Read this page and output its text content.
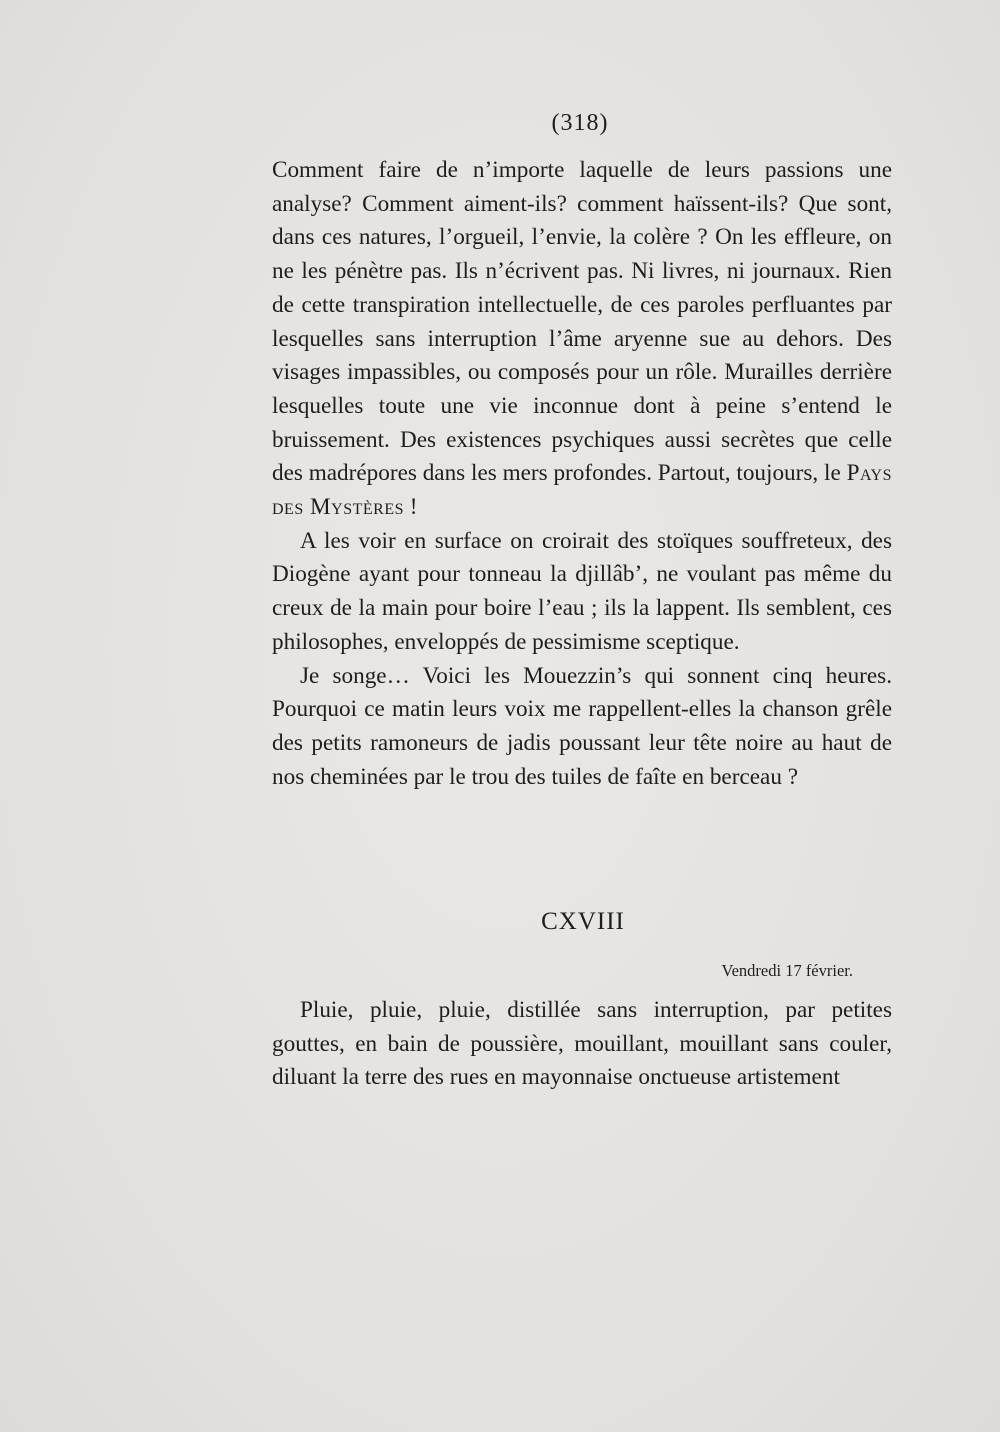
(318)

Comment faire de n’importe laquelle de leurs passions une analyse? Comment aiment-ils? comment haïssent-ils? Que sont, dans ces natures, l’orgueil, l’envie, la colère ? On les effleure, on ne les pénètre pas. Ils n’écrivent pas. Ni livres, ni journaux. Rien de cette transpiration intellectuelle, de ces paroles perfluantes par lesquelles sans interruption l’âme aryenne sue au dehors. Des visages impassibles, ou composés pour un rôle. Murailles derrière lesquelles toute une vie inconnue dont à peine s’entend le bruissement. Des existences psychiques aussi secrètes que celle des madrépores dans les mers profondes. Partout, toujours, le Pays des Mystères !

A les voir en surface on croirait des stoïques souffreteux, des Diogène ayant pour tonneau la djillâb’, ne voulant pas même du creux de la main pour boire l’eau ; ils la lappent. Ils semblent, ces philosophes, enveloppés de pessimisme sceptique.

Je songe… Voici les Mouezzin’s qui sonnent cinq heures. Pourquoi ce matin leurs voix me rappellent-elles la chanson grêle des petits ramoneurs de jadis poussant leur tête noire au haut de nos cheminées par le trou des tuiles de faîte en berceau ?

CXVIII
Vendredi 17 février.

Pluie, pluie, pluie, distillée sans interruption, par petites gouttes, en bain de poussière, mouillant, mouillant sans couler, diluant la terre des rues en mayonnaise onctueuse artistement
